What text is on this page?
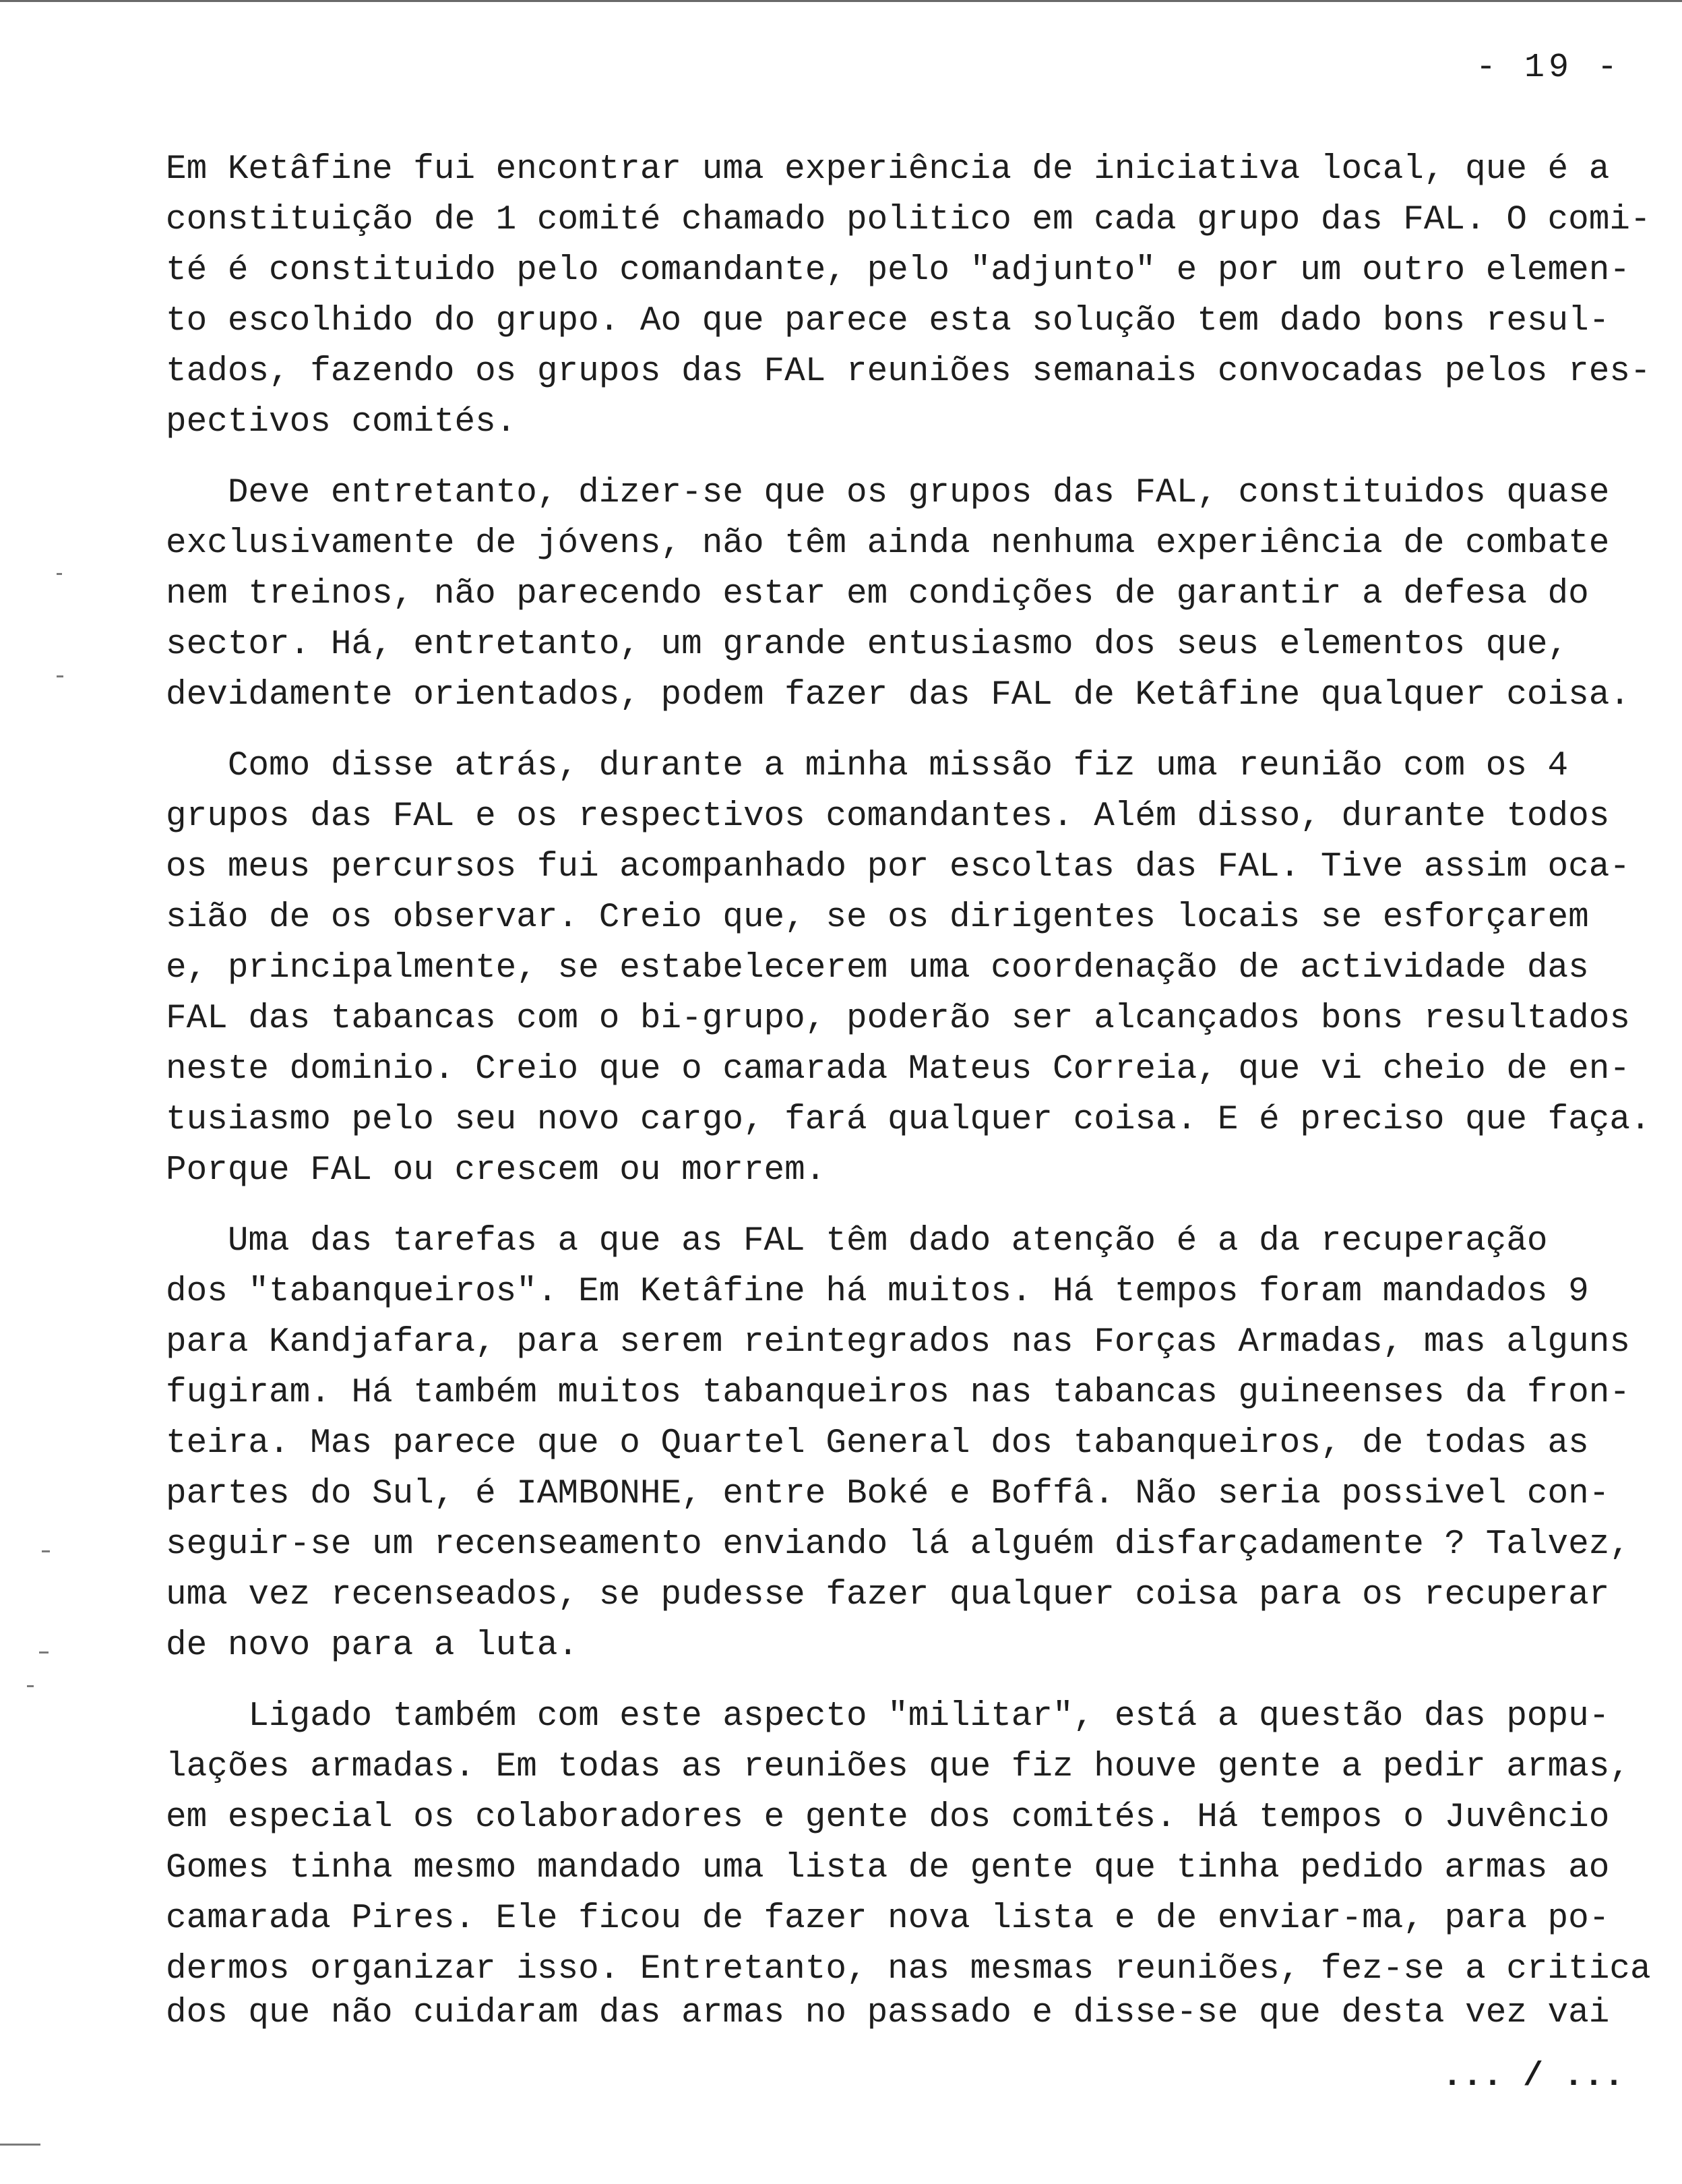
- 19 -
Em Ketâfine fui encontrar uma experiência de iniciativa local, que é a
constituição de 1 comité chamado politico em cada grupo das FAL. O comi-
té é constituido pelo comandante, pelo "adjunto" e por um outro elemen-
to escolhido do grupo. Ao que parece esta solução tem dado bons resul-
tados, fazendo os grupos das FAL reuniões semanais convocadas pelos res-
pectivos comités.
Deve entretanto, dizer-se que os grupos das FAL, constituidos quase
exclusivamente de jóvens, não têm ainda nenhuma experiência de combate
nem treinos, não parecendo estar em condições de garantir a defesa do
sector. Há, entretanto, um grande entusiasmo dos seus elementos que,
devidamente orientados, podem fazer das FAL de Ketâfine qualquer coisa.
Como disse atrás, durante a minha missão fiz uma reunião com os 4
grupos das FAL e os respectivos comandantes. Além disso, durante todos
os meus percursos fui acompanhado por escoltas das FAL. Tive assim oca-
sião de os observar. Creio que, se os dirigentes locais se esforçarem
e, principalmente, se estabelecerem uma coordenação de actividade das
FAL das tabancas com o bi-grupo, poderão ser alcançados bons resultados
neste dominio. Creio que o camarada Mateus Correia, que vi cheio de en-
tusiasmo pelo seu novo cargo, fará qualquer coisa. E é preciso que faça.
Porque FAL ou crescem ou morrem.
Uma das tarefas a que as FAL têm dado atenção é a da recuperação
dos "tabanqueiros". Em Ketâfine há muitos. Há tempos foram mandados 9
para Kandjafara, para serem reintegrados nas Forças Armadas, mas alguns
fugiram. Há também muitos tabanqueiros nas tabancas guineenses da fron-
teira. Mas parece que o Quartel General dos tabanqueiros, de todas as
partes do Sul, é IAMBONHE, entre Boké e Boffâ. Não seria possivel con-
seguir-se um recenseamento enviando lá alguém disfarçadamente ? Talvez,
uma vez recenseados, se pudesse fazer qualquer coisa para os recuperar
de novo para a luta.
Ligado também com este aspecto "militar", está a questão das popu-
lações armadas. Em todas as reuniões que fiz houve gente a pedir armas,
em especial os colaboradores e gente dos comités. Há tempos o Juvêncio
Gomes tinha mesmo mandado uma lista de gente que tinha pedido armas ao
camarada Pires. Ele ficou de fazer nova lista e de enviar-ma, para po-
dermos organizar isso. Entretanto, nas mesmas reuniões, fez-se a critica
dos que não cuidaram das armas no passado e disse-se que desta vez vai
... / ...
